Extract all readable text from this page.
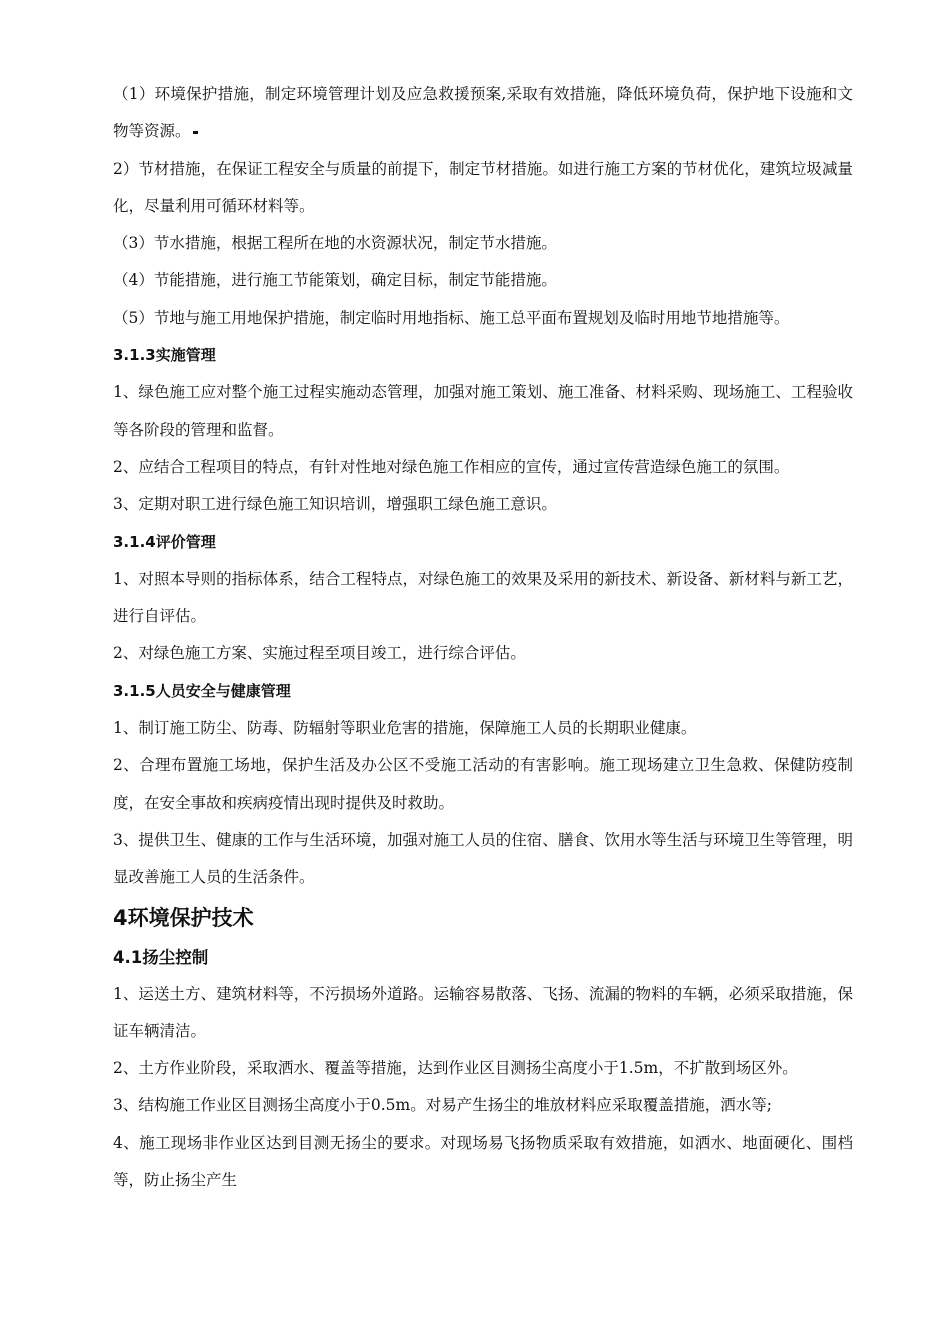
（1）环境保护措施，制定环境管理计划及应急救援预案,采取有效措施，降低环境负荷，保护地下设施和文物等资源。

2）节材措施，在保证工程安全与质量的前提下，制定节材措施。如进行施工方案的节材优化，建筑垃圾减量化，尽量利用可循环材料等。

（3）节水措施，根据工程所在地的水资源状况，制定节水措施。

（4）节能措施，进行施工节能策划，确定目标，制定节能措施。

（5）节地与施工用地保护措施，制定临时用地指标、施工总平面布置规划及临时用地节地措施等。

3.1.3实施管理

1、绿色施工应对整个施工过程实施动态管理，加强对施工策划、施工准备、材料采购、现场施工、工程验收等各阶段的管理和监督。

2、应结合工程项目的特点，有针对性地对绿色施工作相应的宣传，通过宣传营造绿色施工的氛围。

3、定期对职工进行绿色施工知识培训，增强职工绿色施工意识。

3.1.4评价管理

1、对照本导则的指标体系，结合工程特点，对绿色施工的效果及采用的新技术、新设备、新材料与新工艺，进行自评估。

2、对绿色施工方案、实施过程至项目竣工，进行综合评估。

3.1.5人员安全与健康管理

1、制订施工防尘、防毒、防辐射等职业危害的措施，保障施工人员的长期职业健康。

2、合理布置施工场地，保护生活及办公区不受施工活动的有害影响。施工现场建立卫生急救、保健防疫制度，在安全事故和疾病疫情出现时提供及时救助。

3、提供卫生、健康的工作与生活环境，加强对施工人员的住宿、膳食、饮用水等生活与环境卫生等管理，明显改善施工人员的生活条件。

4环境保护技术
4.1扬尘控制

1、运送土方、建筑材料等，不污损场外道路。运输容易散落、飞扬、流漏的物料的车辆，必须采取措施，保证车辆清洁。

2、土方作业阶段，采取洒水、覆盖等措施，达到作业区目测扬尘高度小于1.5m，不扩散到场区外。

3、结构施工作业区目测扬尘高度小于0.5m。对易产生扬尘的堆放材料应采取覆盖措施，洒水等;

4、施工现场非作业区达到目测无扬尘的要求。对现场易飞扬物质采取有效措施，如洒水、地面硬化、围档等，防止扬尘产生
